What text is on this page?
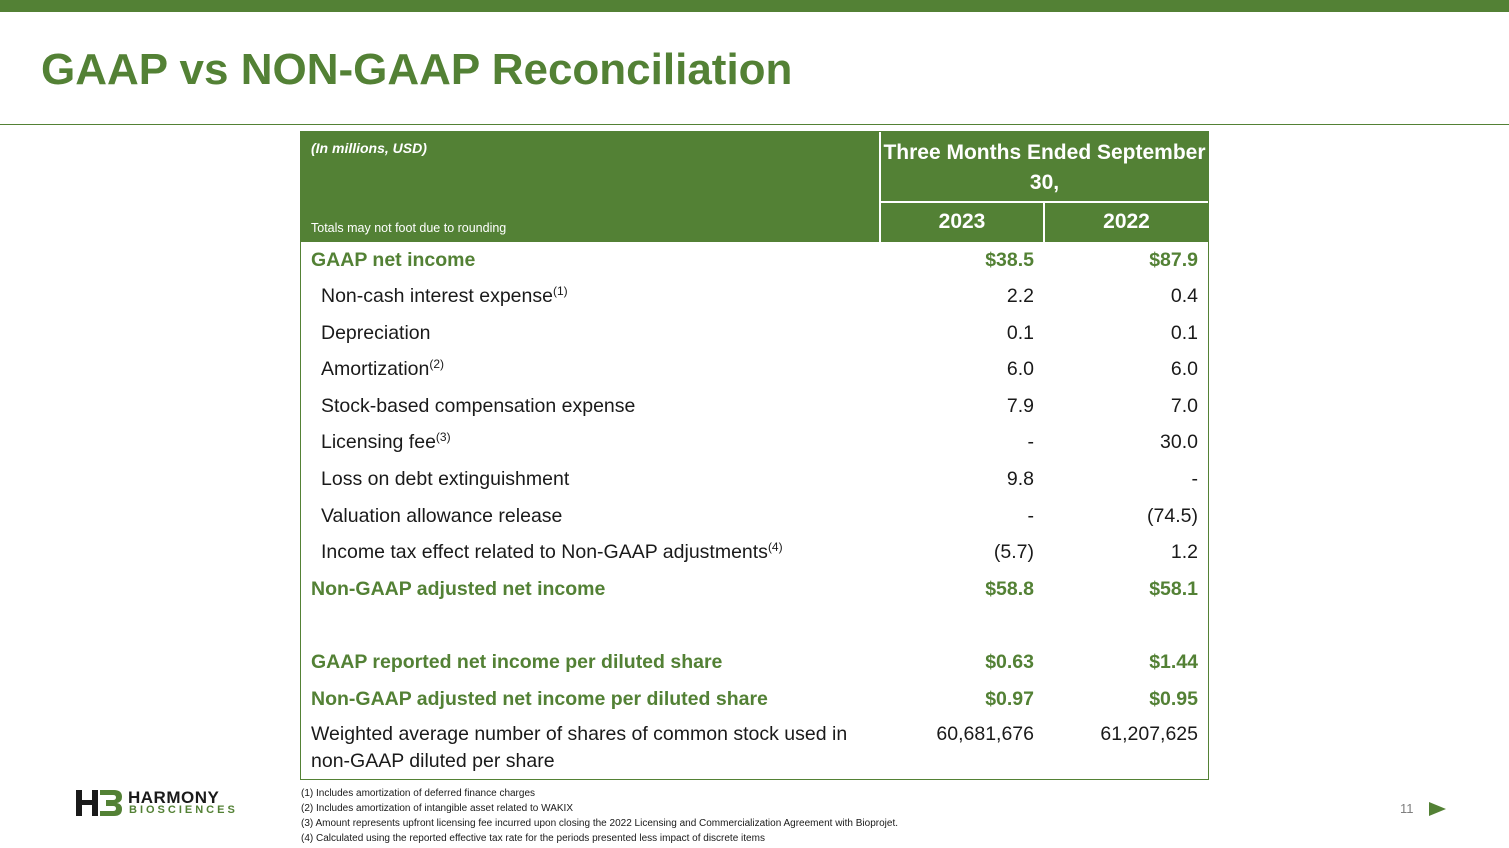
GAAP vs NON-GAAP Reconciliation
(In millions, USD)
Totals may not foot due to rounding
Three Months Ended September 30,
2023	2022
GAAP net income	$38.5	$87.9
Non-cash interest expense$^{(1)}$	2.2	0.4
Depreciation	0.1	0.1
Amortization$^{(2)}$	6.0	6.0
Stock-based compensation expense	7.9	7.0
Licensing fee$^{(3)}$	-	30.0
Loss on debt extinguishment	9.8	-
Valuation allowance release	-	(74.5)
Income tax effect related to Non-GAAP adjustments$^{(4)}$	(5.7)	1.2
Non-GAAP adjusted net income	$58.8	$58.1
GAAP reported net income per diluted share	$0.63	$1.44
Non-GAAP adjusted net income per diluted share	$0.97	$0.95
Weighted average number of shares of common stock used in non-GAAP diluted per share
60,681,676	61,207,625
(1) Includes amortization of deferred finance charges
(2) Includes amortization of intangible asset related to WAKIX
(3) Amount represents upfront licensing fee incurred upon closing the 2022 Licensing and Commercialization Agreement with Bioprojet.
(4) Calculated using the reported effective tax rate for the periods presented less impact of discrete items
HARMONY
BIOSCIENCES	11
